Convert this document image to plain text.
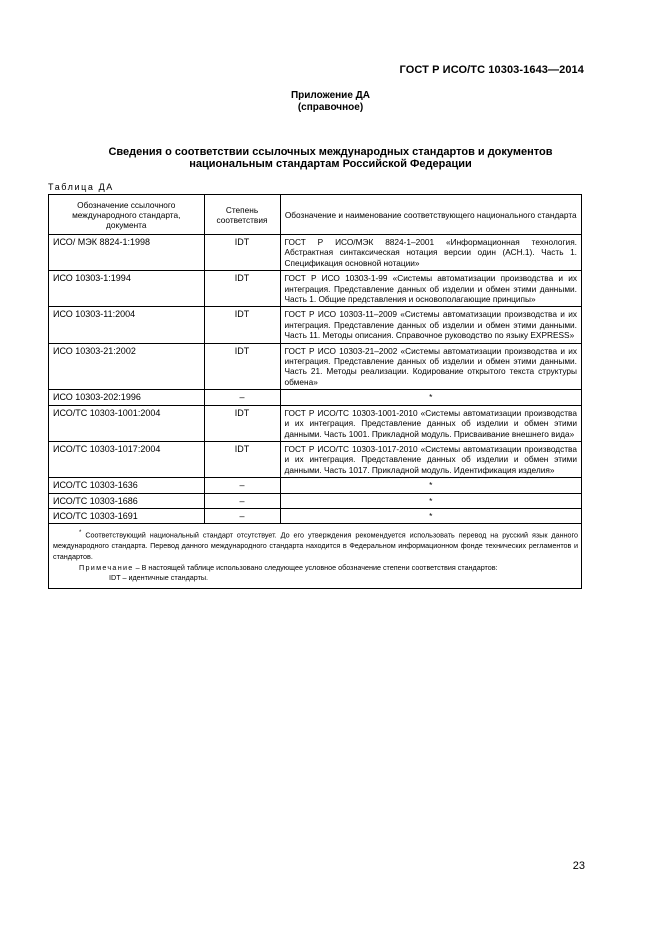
ГОСТ Р ИСО/ТС 10303-1643—2014
Приложение ДА
(справочное)
Сведения о соответствии ссылочных международных стандартов и документов
национальным стандартам Российской Федерации
Таблица ДА
Обозначение ссылочного международного стандарта, документа	Степень соответствия	Обозначение и наименование соответствующего национального стандарта
ИСО/ МЭК 8824-1:1998	IDT	ГОСТ Р ИСО/МЭК 8824-1–2001 «Информационная технология. Абстрактная синтаксическая нотация версии один (АСН.1). Часть 1. Спецификация основной нотации»
ИСО 10303-1:1994	IDT	ГОСТ Р ИСО 10303-1-99 «Системы автоматизации производства и их интеграция. Представление данных об изделии и обмен этими данными. Часть 1. Общие представления и основополагающие принципы»
ИСО 10303-11:2004	IDT	ГОСТ Р ИСО 10303-11–2009 «Системы автоматизации производства и их интеграция. Представление данных об изделии и обмен этими данными. Часть 11. Методы описания. Справочное руководство по языку EXPRESS»
ИСО 10303-21:2002	IDT	ГОСТ Р ИСО 10303-21–2002 «Системы автоматизации производства и их интеграция. Представление данных об изделии и обмен этими данными. Часть 21. Методы реализации. Кодирование открытого текста структуры обмена»
ИСО 10303-202:1996	–	*
ИСО/ТС 10303-1001:2004	IDT	ГОСТ Р ИСО/ТС 10303-1001-2010 «Системы автоматизации производства и их интеграция. Представление данных об изделии и обмен этими данными. Часть 1001. Прикладной модуль. Присваивание внешнего вида»
ИСО/ТС 10303-1017:2004	IDT	ГОСТ Р ИСО/ТС 10303-1017-2010 «Системы автоматизации производства и их интеграция. Представление данных об изделии и обмен этими данными. Часть 1017. Прикладной модуль. Идентификация изделия»
ИСО/ТС 10303-1636	–	*
ИСО/ТС 10303-1686	–	*
ИСО/ТС 10303-1691	–	*

* Соответствующий национальный стандарт отсутствует. До его утверждения рекомендуется использовать перевод на русский язык данного международного стандарта. Перевод данного международного стандарта находится в Федеральном информационном фонде технических регламентов и стандартов.

Примечание – В настоящей таблице использовано следующее условное обозначение степени соответствия стандартов:

IDT – идентичные стандарты.		

23
